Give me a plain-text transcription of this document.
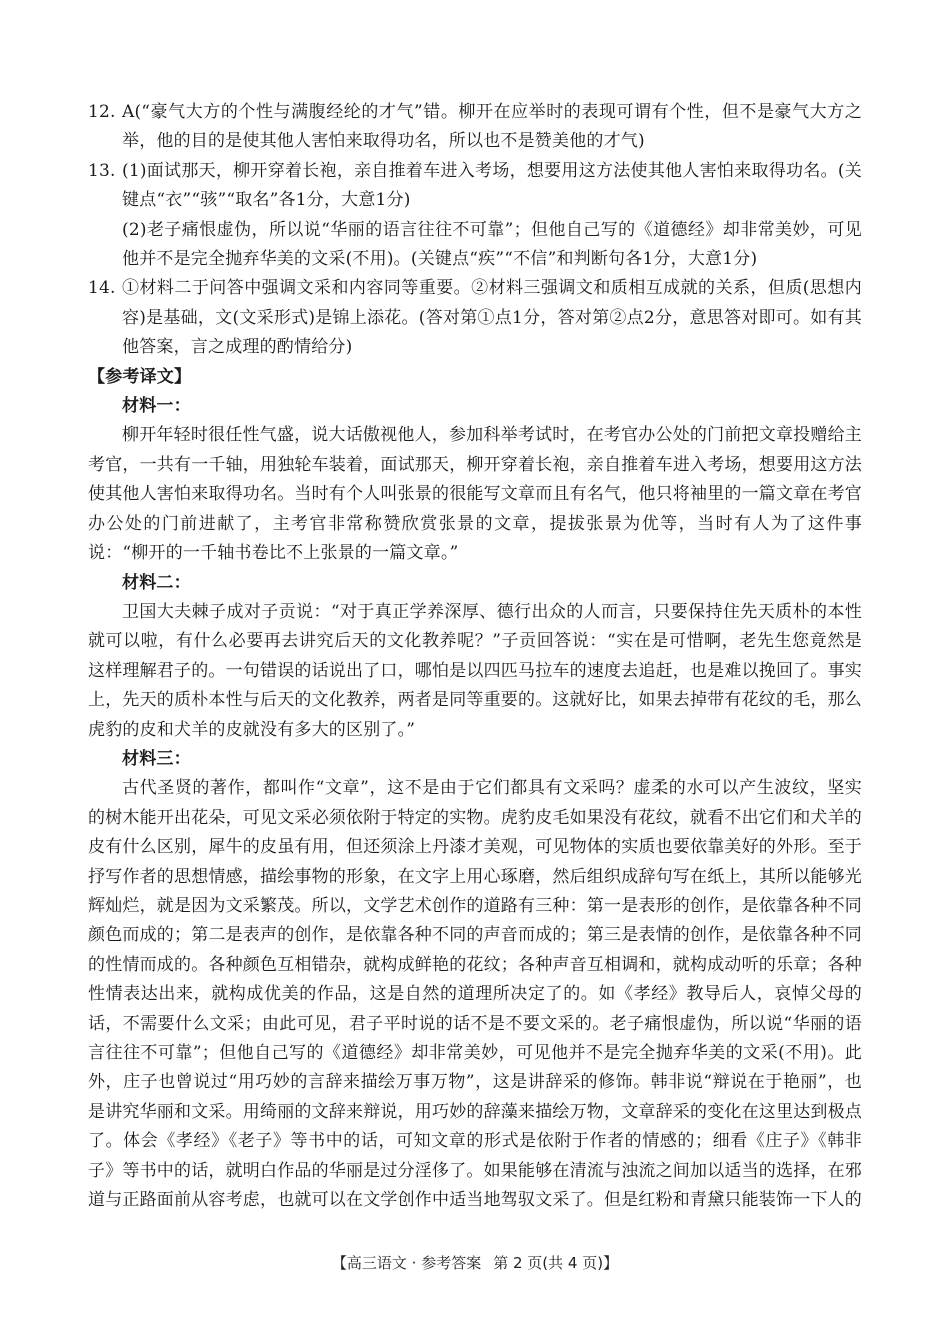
12. A(“豪气大方的个性与满腹经纶的才气”错。柳开在应举时的表现可谓有个性，但不是豪气大方之举，他的目的是使其他人害怕来取得功名，所以也不是赞美他的才气)

13. (1)面试那天，柳开穿着长袍，亲自推着车进入考场，想要用这方法使其他人害怕来取得功名。(关键点“衣”“骇”“取名”各1分，大意1分)

(2)老子痛恨虚伪，所以说“华丽的语言往往不可靠”；但他自己写的《道德经》却非常美妙，可见他并不是完全抛弃华美的文采(不用)。(关键点“疾”“不信”和判断句各1分，大意1分)

14. ①材料二于问答中强调文采和内容同等重要。②材料三强调文和质相互成就的关系，但质(思想内容)是基础，文(文采形式)是锦上添花。(答对第①点1分，答对第②点2分，意思答对即可。如有其他答案，言之成理的酌情给分)

【参考译文】

材料一：

柳开年轻时很任性气盛，说大话傲视他人，参加科举考试时，在考官办公处的门前把文章投赠给主考官，一共有一千轴，用独轮车装着，面试那天，柳开穿着长袍，亲自推着车进入考场，想要用这方法使其他人害怕来取得功名。当时有个人叫张景的很能写文章而且有名气，他只将袖里的一篇文章在考官办公处的门前进献了，主考官非常称赞欣赏张景的文章，提拔张景为优等，当时有人为了这件事说：“柳开的一千轴书卷比不上张景的一篇文章。”

材料二：

卫国大夫棘子成对子贡说：“对于真正学养深厚、德行出众的人而言，只要保持住先天质朴的本性就可以啦，有什么必要再去讲究后天的文化教养呢？”子贡回答说：“实在是可惜啊，老先生您竟然是这样理解君子的。一句错误的话说出了口，哪怕是以四匹马拉车的速度去追赶，也是难以挽回了。事实上，先天的质朴本性与后天的文化教养，两者是同等重要的。这就好比，如果去掉带有花纹的毛，那么虎豹的皮和犬羊的皮就没有多大的区别了。”

材料三：

古代圣贤的著作，都叫作“文章”，这不是由于它们都具有文采吗？虚柔的水可以产生波纹，坚实的树木能开出花朵，可见文采必须依附于特定的实物。虎豹皮毛如果没有花纹，就看不出它们和犬羊的皮有什么区别，犀牛的皮虽有用，但还须涂上丹漆才美观，可见物体的实质也要依靠美好的外形。至于抒写作者的思想情感，描绘事物的形象，在文字上用心琢磨，然后组织成辞句写在纸上，其所以能够光辉灿烂，就是因为文采繁茂。所以，文学艺术创作的道路有三种：第一是表形的创作，是依靠各种不同颜色而成的；第二是表声的创作，是依靠各种不同的声音而成的；第三是表情的创作，是依靠各种不同的性情而成的。各种颜色互相错杂，就构成鲜艳的花纹；各种声音互相调和，就构成动听的乐章；各种性情表达出来，就构成优美的作品，这是自然的道理所决定了的。如《孝经》教导后人，哀悼父母的话，不需要什么文采；由此可见，君子平时说的话不是不要文采的。老子痛恨虚伪，所以说“华丽的语言往往不可靠”；但他自己写的《道德经》却非常美妙，可见他并不是完全抛弃华美的文采(不用)。此外，庄子也曾说过“用巧妙的言辞来描绘万事万物”，这是讲辞采的修饰。韩非说“辩说在于艳丽”，也是讲究华丽和文采。用绮丽的文辞来辩说，用巧妙的辞藻来描绘万物，文章辞采的变化在这里达到极点了。体会《孝经》《老子》等书中的话，可知文章的形式是依附于作者的情感的；细看《庄子》《韩非子》等书中的话，就明白作品的华丽是过分淫侈了。如果能够在清流与浊流之间加以适当的选择，在邪道与正路面前从容考虑，也就可以在文学创作中适当地驾驭文采了。但是红粉和青黛只能装饰一下人的

【高三语文 · 参考答案 第 2 页(共 4 页)】
